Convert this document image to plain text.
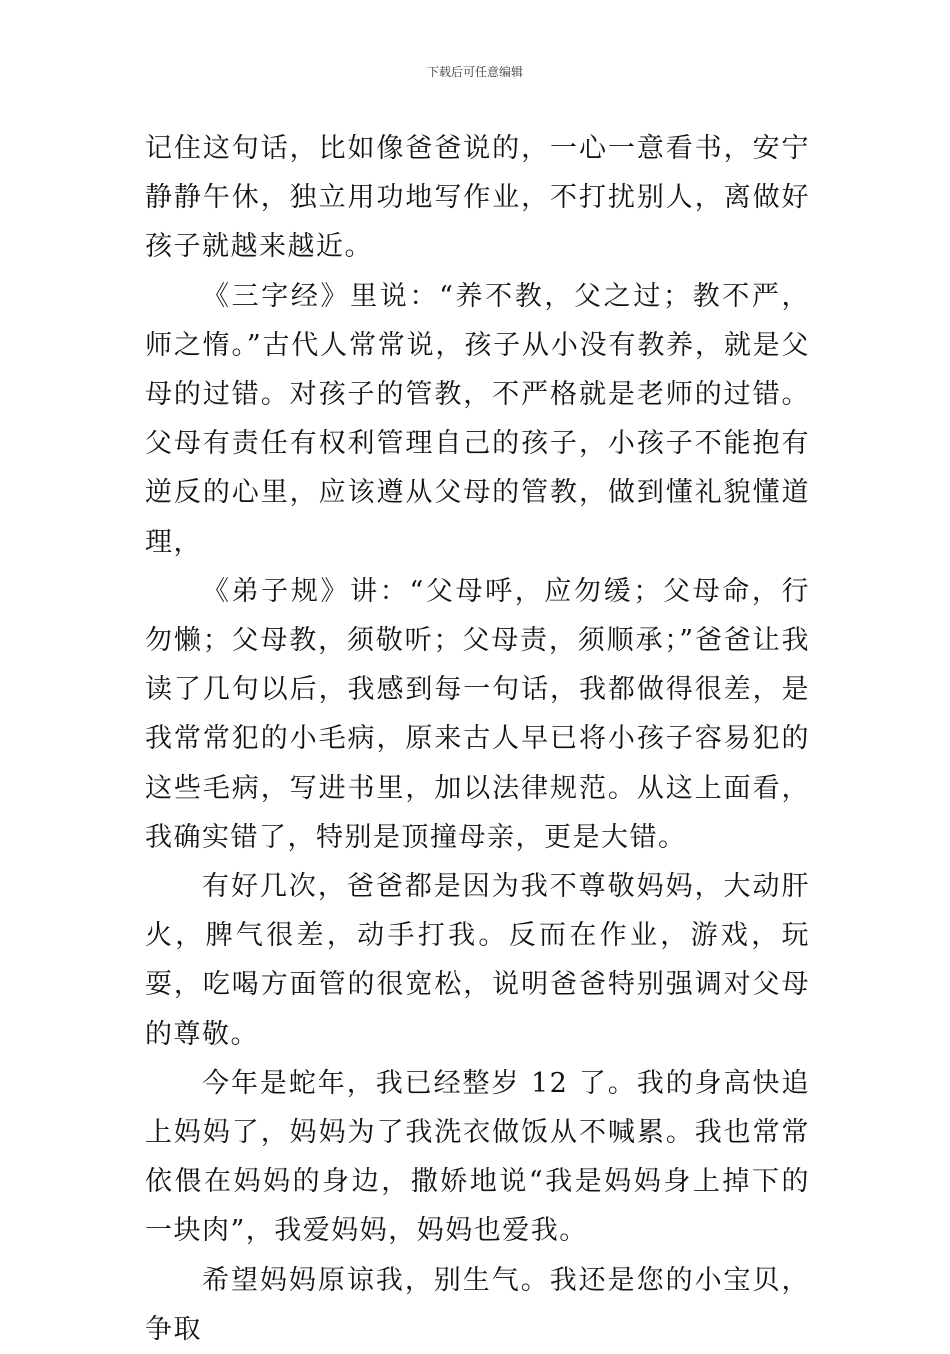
下载后可任意编辑

记住这句话，比如像爸爸说的，一心一意看书，安宁静静午休，独立用功地写作业，不打扰别人，离做好孩子就越来越近。

《三字经》里说：“养不教，父之过；教不严，师之惰。”古代人常常说，孩子从小没有教养，就是父母的过错。对孩子的管教，不严格就是老师的过错。父母有责任有权利管理自己的孩子，小孩子不能抱有逆反的心里，应该遵从父母的管教，做到懂礼貌懂道理，

《弟子规》讲：“父母呼，应勿缓；父母命，行勿懒；父母教，须敬听；父母责，须顺承；”爸爸让我读了几句以后，我感到每一句话，我都做得很差，是我常常犯的小毛病，原来古人早已将小孩子容易犯的这些毛病，写进书里，加以法律规范。从这上面看，我确实错了，特别是顶撞母亲，更是大错。

有好几次，爸爸都是因为我不尊敬妈妈，大动肝火，脾气很差，动手打我。反而在作业，游戏，玩耍，吃喝方面管的很宽松，说明爸爸特别强调对父母的尊敬。

今年是蛇年，我已经整岁 12 了。我的身高快追上妈妈了，妈妈为了我洗衣做饭从不喊累。我也常常依偎在妈妈的身边，撒娇地说“我是妈妈身上掉下的一块肉”，我爱妈妈，妈妈也爱我。

希望妈妈原谅我，别生气。我还是您的小宝贝，争取
